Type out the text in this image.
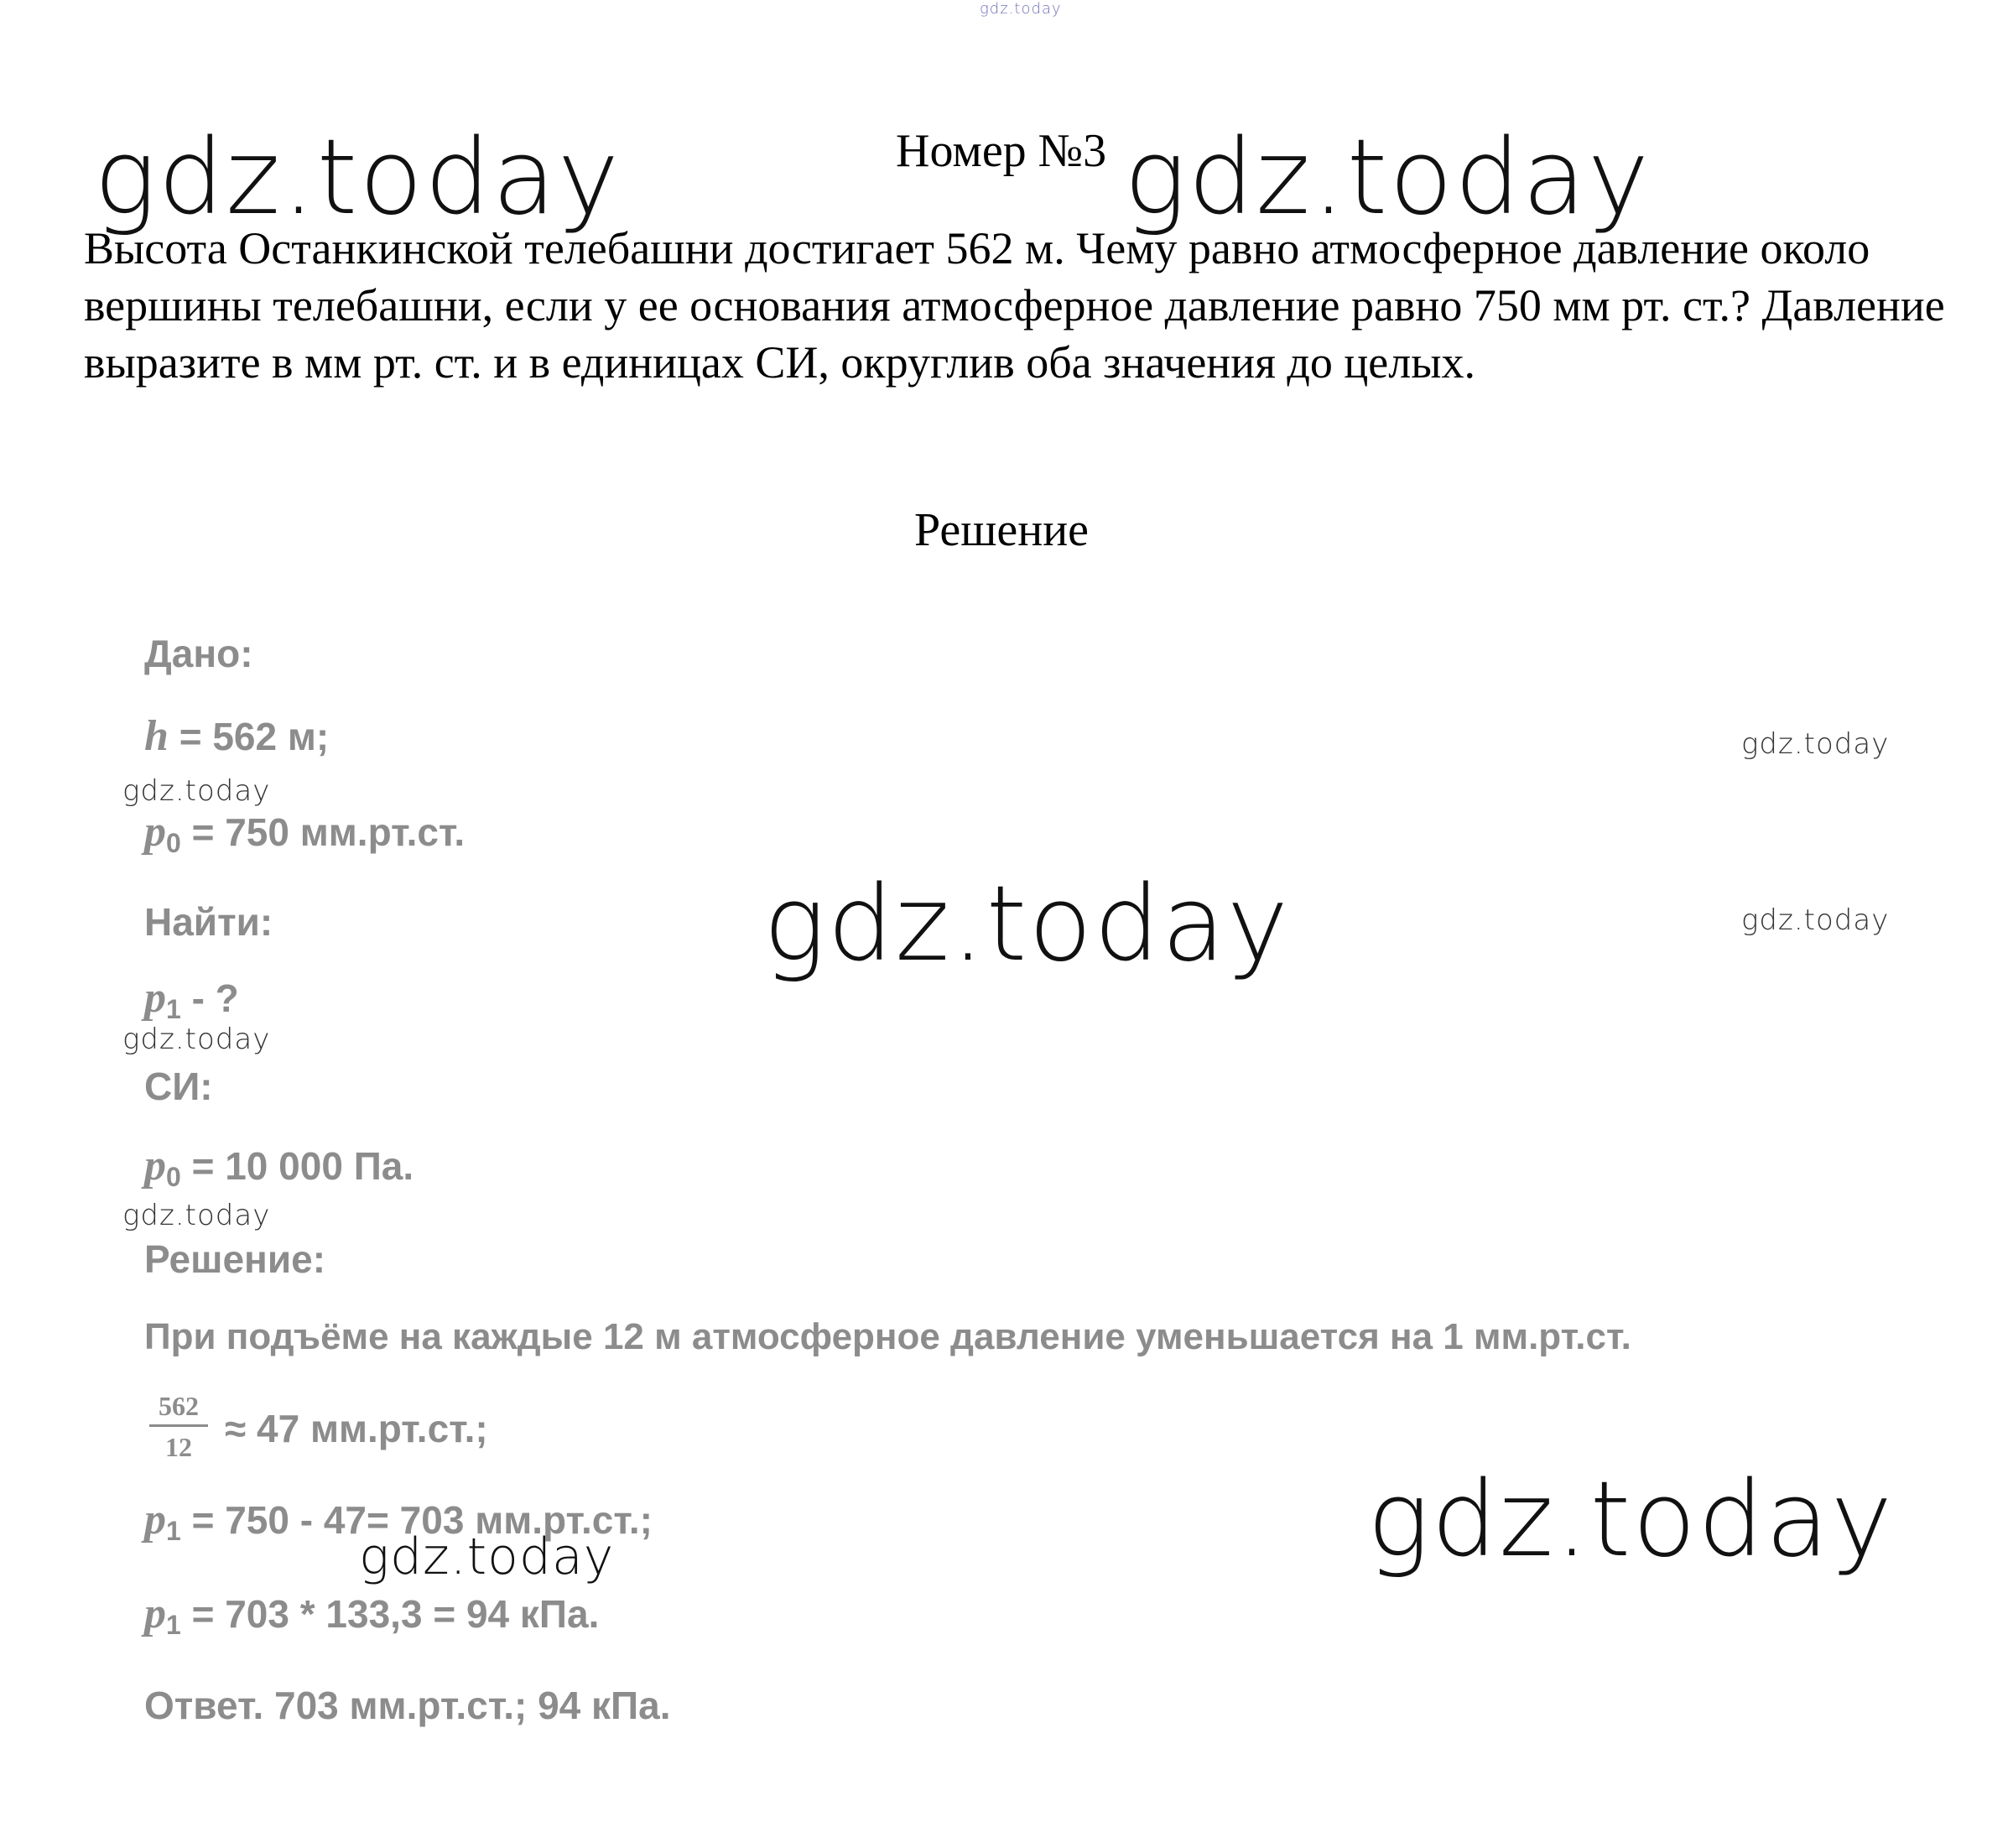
gdz.today
gdz.today	gdz.today
gdz.today
gdz.today
gdz.today
gdz.today
gdz.today
gdz.today
gdz.today	gdz.today
Номер №3
Высота Останкинской телебашни достигает 562 м. Чему равно атмосферное давление около вершины телебашни, если у ее основания атмосферное давление равно 750 мм рт. ст.? Давление выразите в мм рт. ст. и в единицах СИ, округлив оба значения до целых.
Решение
Дано:
h = 562 м;
$p_0 = 750$ мм.рт.ст.
Найти:
$p_1$ - ?
СИ:
$p_0 = 10$ 000 Па.
Решение:
При подъёме на каждые 12 м атмосферное давление уменьшается на 1 мм.рт.ст.
562
12 ≈ 47 мм.рт.ст.;
$p_1 = 750 - 47= 703$ мм.рт.ст.;
$p_1 = 703 * 133,3 = 94$ кПа.
Ответ. 703 мм.рт.ст.; 94 кПа.
